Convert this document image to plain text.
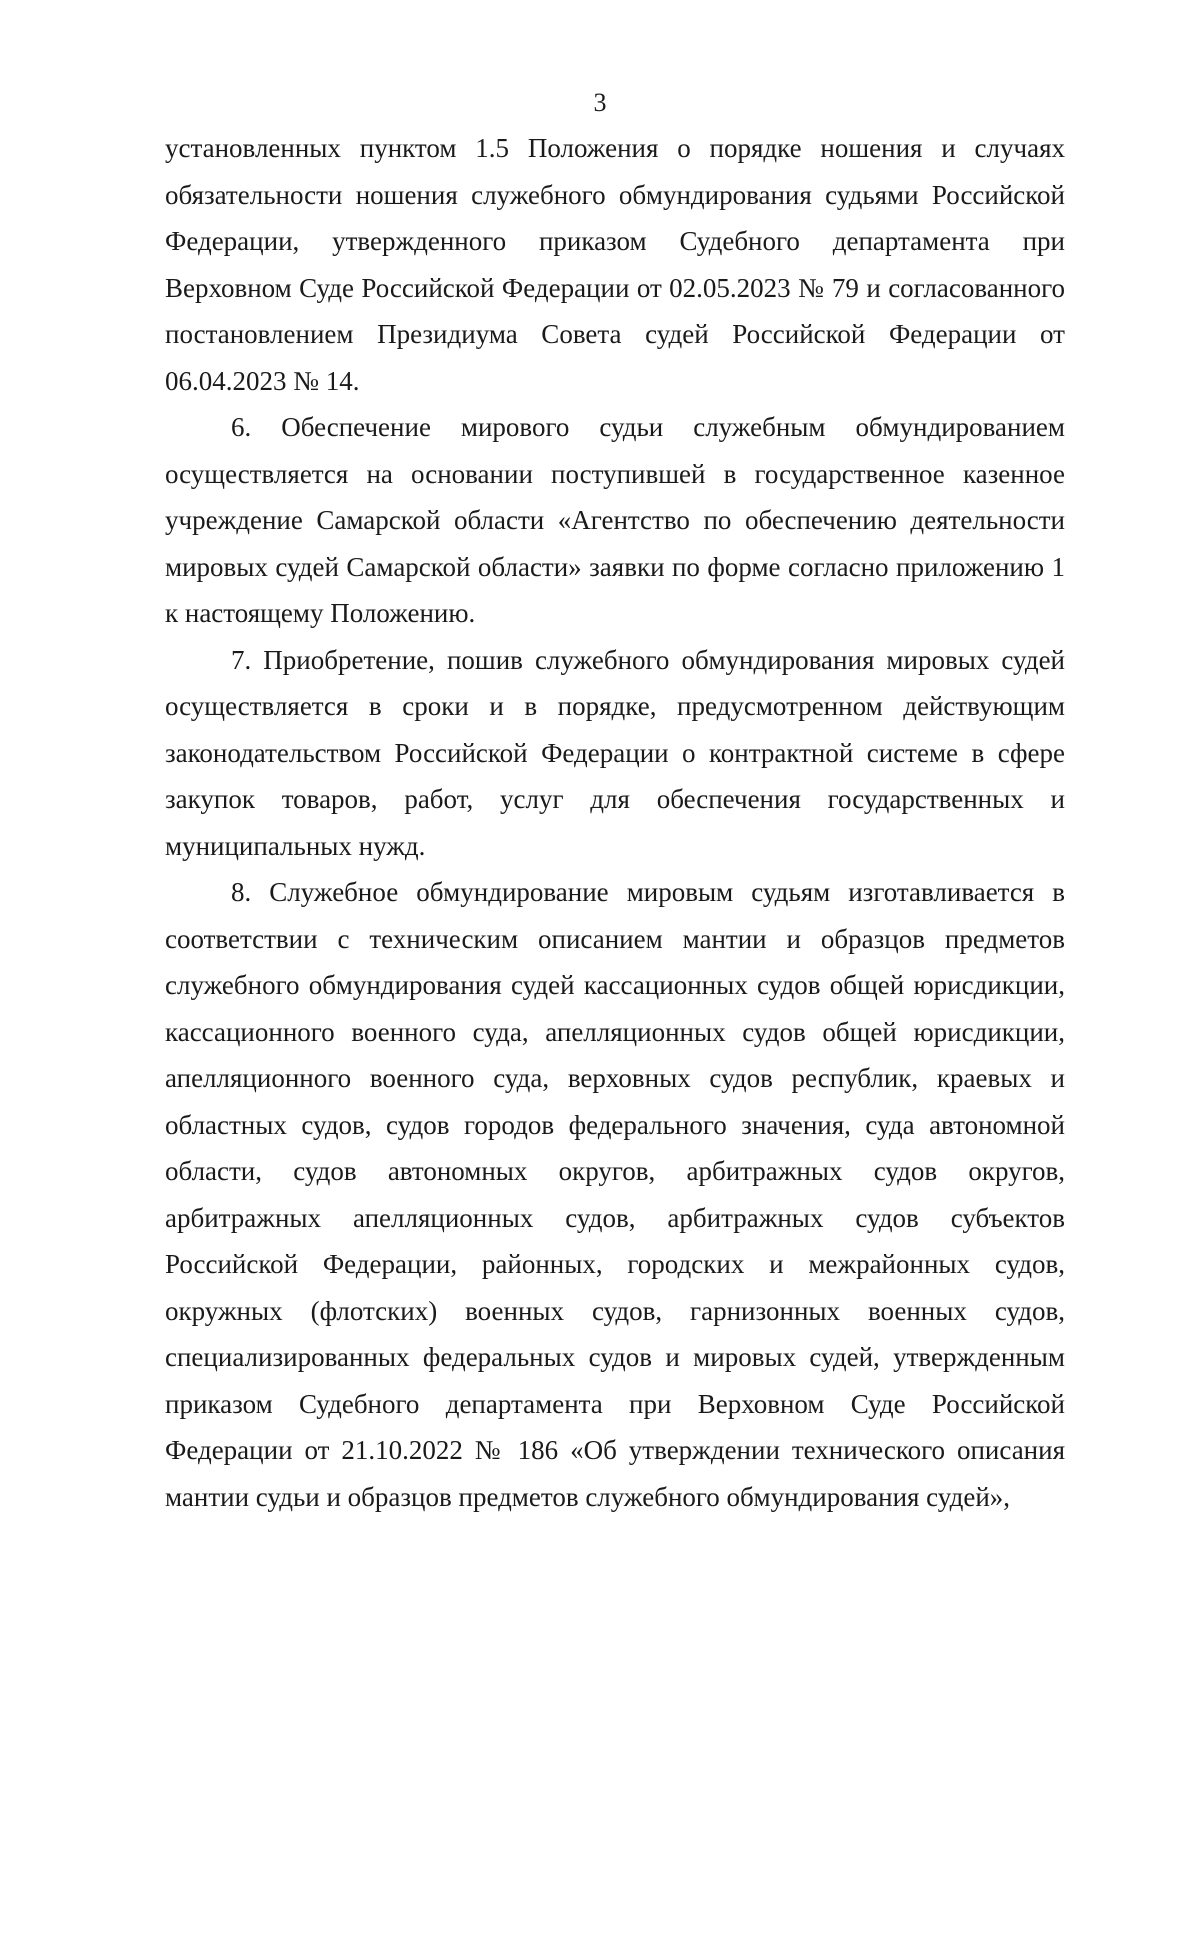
3

установленных пунктом 1.5 Положения о порядке ношения и случаях обязательности ношения служебного обмундирования судьями Российской Федерации, утвержденного приказом Судебного департамента при Верховном Суде Российской Федерации от 02.05.2023 № 79 и согласованного постановлением Президиума Совета судей Российской Федерации от 06.04.2023 № 14.

6. Обеспечение мирового судьи служебным обмундированием осуществляется на основании поступившей в государственное казенное учреждение Самарской области «Агентство по обеспечению деятельности мировых судей Самарской области» заявки по форме согласно приложению 1 к настоящему Положению.

7. Приобретение, пошив служебного обмундирования мировых судей осуществляется в сроки и в порядке, предусмотренном действующим законодательством Российской Федерации о контрактной системе в сфере закупок товаров, работ, услуг для обеспечения государственных и муниципальных нужд.

8. Служебное обмундирование мировым судьям изготавливается в соответствии с техническим описанием мантии и образцов предметов служебного обмундирования судей кассационных судов общей юрисдикции, кассационного военного суда, апелляционных судов общей юрисдикции, апелляционного военного суда, верховных судов республик, краевых и областных судов, судов городов федерального значения, суда автономной области, судов автономных округов, арбитражных судов округов, арбитражных апелляционных судов, арбитражных судов субъектов Российской Федерации, районных, городских и межрайонных судов, окружных (флотских) военных судов, гарнизонных военных судов, специализированных федеральных судов и мировых судей, утвержденным приказом Судебного департамента при Верховном Суде Российской Федерации от 21.10.2022 № 186 «Об утверждении технического описания мантии судьи и образцов предметов служебного обмундирования судей»,
